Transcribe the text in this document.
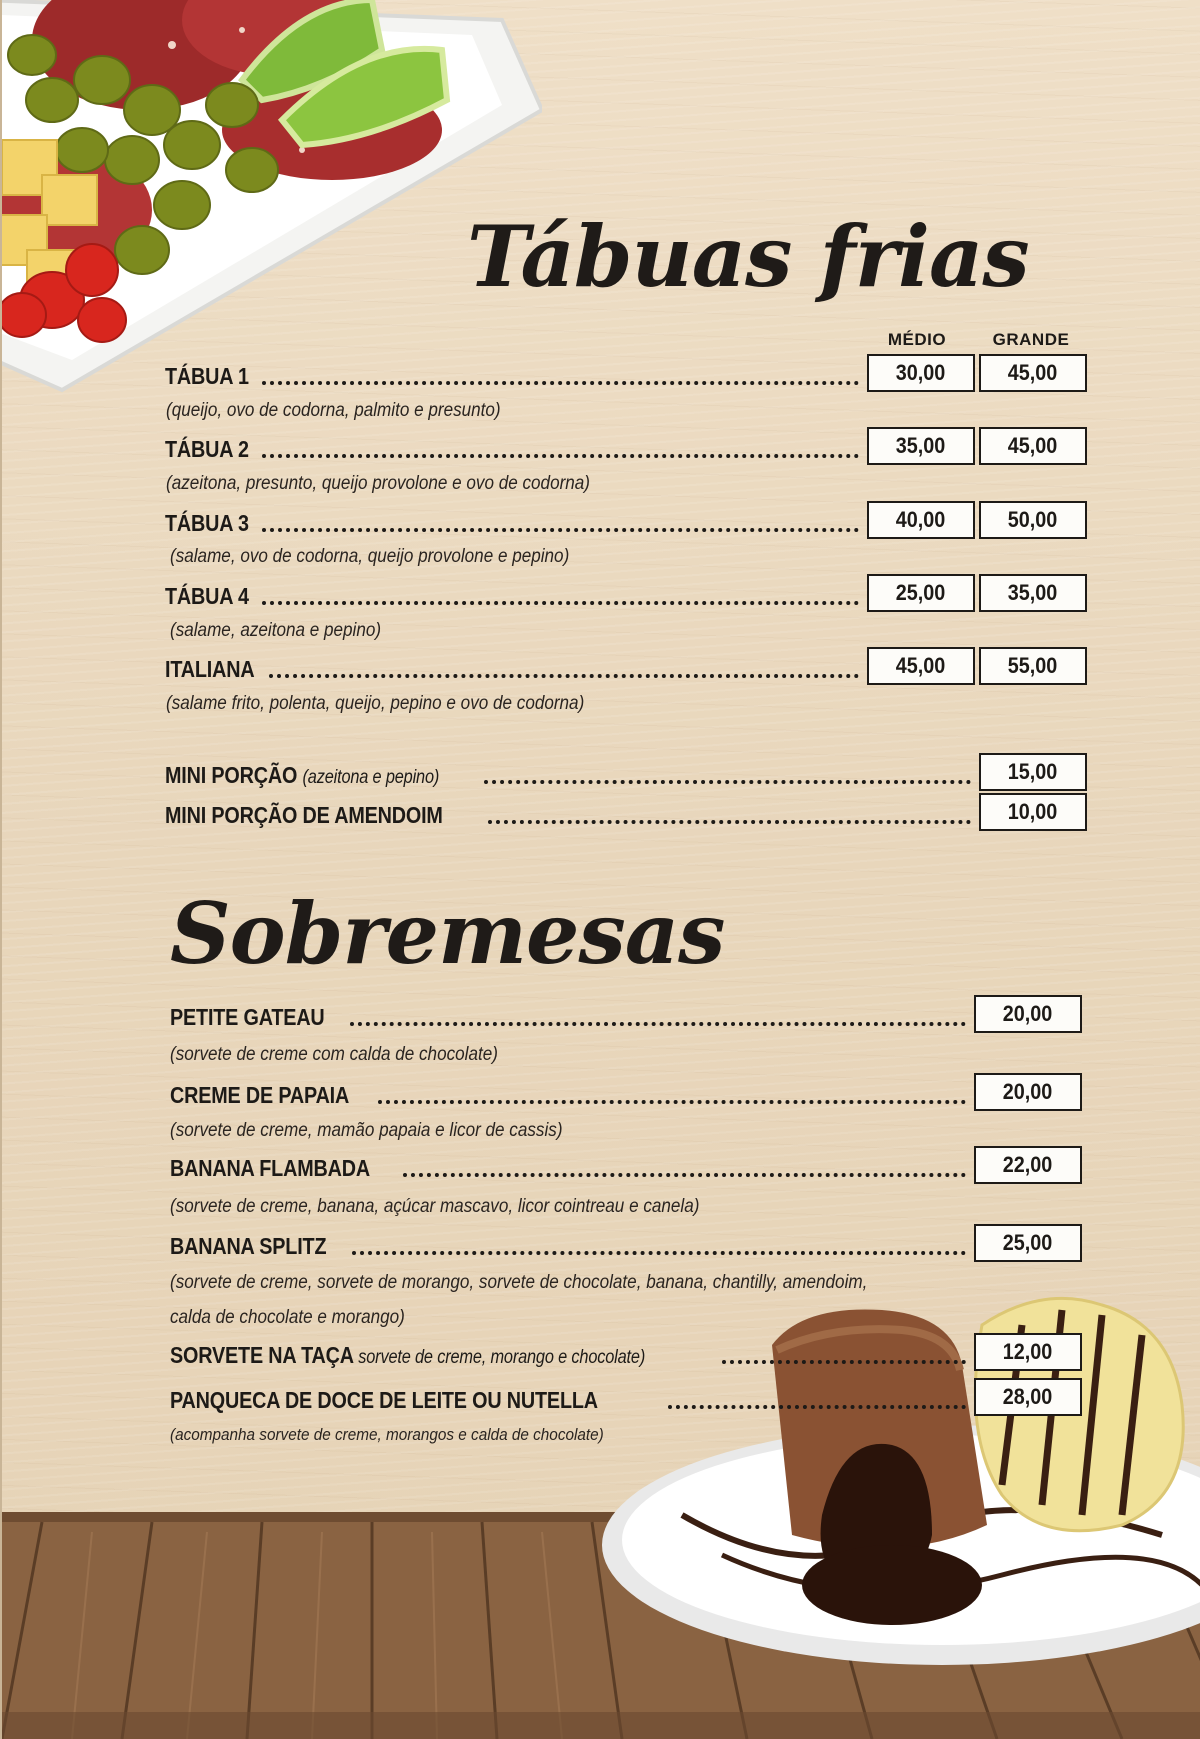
Tábuas frias
MÉDIO	GRANDE
TÁBUA 1	30,00	45,00
(queijo, ovo de codorna, palmito e presunto)
TÁBUA 2	35,00	45,00
(azeitona, presunto, queijo provolone e ovo de codorna)
TÁBUA 3	40,00	50,00
(salame, ovo de codorna, queijo provolone e pepino)
TÁBUA 4	25,00	35,00
(salame, azeitona e pepino)
ITALIANA	45,00	55,00
(salame frito, polenta, queijo, pepino e ovo de codorna)
MINI PORÇÃO (azeitona e pepino)	15,00
MINI PORÇÃO DE AMENDOIM	10,00
Sobremesas
PETITE GATEAU	20,00
(sorvete de creme com calda de chocolate)
CREME DE PAPAIA	20,00
(sorvete de creme, mamão papaia e licor de cassis)
BANANA FLAMBADA	22,00
(sorvete de creme, banana, açúcar mascavo, licor cointreau e canela)
BANANA SPLITZ	25,00
(sorvete de creme, sorvete de morango, sorvete de chocolate, banana, chantilly, amendoim,
calda de chocolate e morango)
SORVETE NA TAÇA sorvete de creme, morango e chocolate)	12,00
PANQUECA DE DOCE DE LEITE OU NUTELLA	28,00
(acompanha sorvete de creme, morangos e calda de chocolate)
